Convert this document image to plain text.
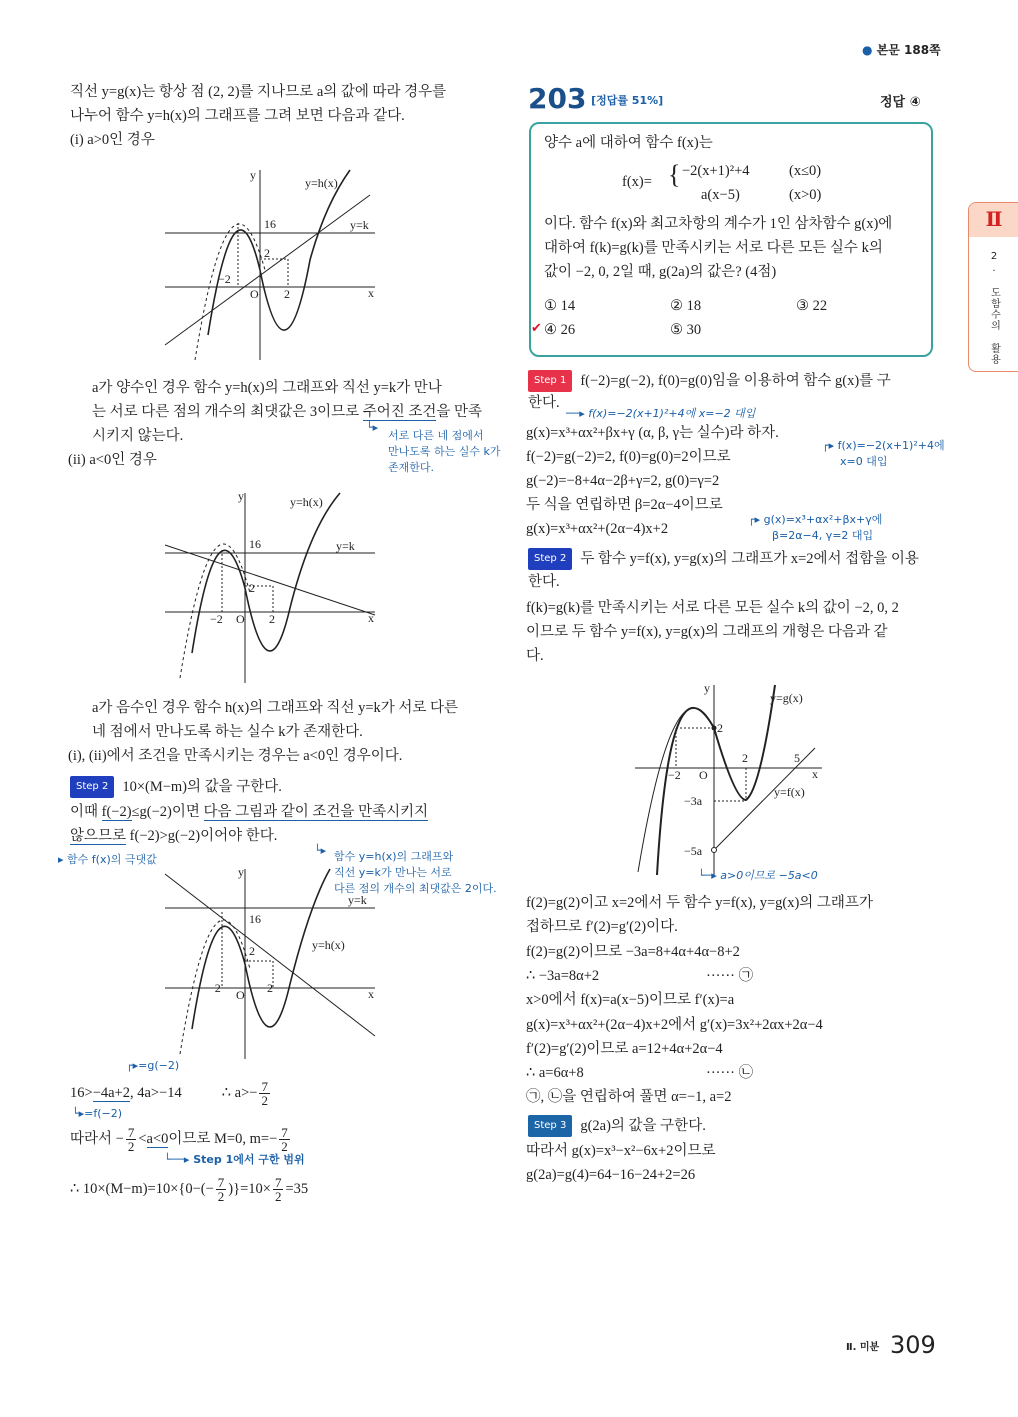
● 본문 188쪽
직선 y=g(x)는 항상 점 (2, 2)를 지나므로 a의 값에 따라 경우를
나누어 함수 y=h(x)의 그래프를 그려 보면 다음과 같다.
(i) a>0인 경우
y
x
O
y=h(x)
y=k
16
2
−2
2
a가 양수인 경우 함수 y=h(x)의 그래프와 직선 y=k가 만나
는 서로 다른 점의 개수의 최댓값은 3이므로 주어진 조건을 만족
시키지 않는다.
└▸
서로 다른 네 점에서
만나도록 하는 실수 k가
존재한다.
(ii) a<0인 경우
y
x
O
y=h(x)
y=k
16
2
−2	2
a가 음수인 경우 함수 h(x)의 그래프와 직선 y=k가 서로 다른
네 점에서 만나도록 하는 실수 k가 존재한다.
(i), (ii)에서 조건을 만족시키는 경우는 a<0인 경우이다.
Step 2 10×(M−m)의 값을 구한다.
이때 f(−2)≤g(−2)이면 다음 그림과 같이 조건을 만족시키지
않으므로 f(−2)>g(−2)이어야 한다.
▸ 함수 f(x)의 극댓값
└▸ 함수 y=h(x)의 그래프와
직선 y=k가 만나는 서로
다른 점의 개수의 최댓값은 2이다.
y
x
O
y=h(x)
y=k
16
2
−2	2
┌▸=g(−2)
16>−4a+2, 4a>−14	∴ $a>- \frac{7}{2}$
└▸=f(−2)
따라서 − $\frac{7}{2} <a<0$이므로 M=0, $m=- \frac{7}{2}$
└──▸ Step 1에서 구한 범위
∴ $10\times(M-m)=10\times\{0-(- \frac{7}{2} )\}=10\times \frac{7}{2} =35$
203 [정답률 51%]	정답 ④
양수 a에 대하여 함수 f(x)는
f(x)= { −2(x+1)²+4	(x≤0)
a(x−5)	(x>0)
이다. 함수 f(x)와 최고차항의 계수가 1인 삼차함수 g(x)에
대하여 f(k)=g(k)를 만족시키는 서로 다른 모든 실수 k의
값이 −2, 0, 2일 때, g(2a)의 값은? (4점)
① 14	② 18	③ 22
✔ ④ 26	⑤ 30
Step 1 f(−2)=g(−2), f(0)=g(0)임을 이용하여 함수 g(x)를 구
한다.
──▸ f(x)=−2(x+1)²+4에 x=−2 대입
g(x)=x³+αx²+βx+γ (α, β, γ는 실수)라 하자.
f(−2)=g(−2)=2, f(0)=g(0)=2이므로
┌▸ f(x)=−2(x+1)²+4에
x=0 대입
g(−2)=−8+4α−2β+γ=2, g(0)=γ=2
두 식을 연립하면 β=2α−4이므로
g(x)=x³+αx²+(2α−4)x+2
┌▸ g(x)=x³+αx²+βx+γ에
β=2α−4, γ=2 대입
Step 2 두 함수 y=f(x), y=g(x)의 그래프가 x=2에서 접함을 이용
한다.
f(k)=g(k)를 만족시키는 서로 다른 모든 실수 k의 값이 −2, 0, 2
이므로 두 함수 y=f(x), y=g(x)의 그래프의 개형은 다음과 같
다.
y
x
O
y=g(x)
y=f(x)
2
−2
2	5
−3a
−5a
└─▸ a>0이므로 −5a<0
f(2)=g(2)이고 x=2에서 두 함수 y=f(x), y=g(x)의 그래프가
접하므로 f′(2)=g′(2)이다.
f(2)=g(2)이므로 −3a=8+4α+4α−8+2
∴ −3a=8α+2	······ ㉠
x>0에서 f(x)=a(x−5)이므로 f′(x)=a
g(x)=x³+αx²+(2α−4)x+2에서 g′(x)=3x²+2αx+2α−4
f′(2)=g′(2)이므로 a=12+4α+2α−4
∴ a=6α+8	······ ㉡
㉠, ㉡을 연립하여 풀면 α=−1, a=2
Step 3 g(2a)의 값을 구한다.
따라서 g(x)=x³−x²−6x+2이므로
g(2a)=g(4)=64−16−24+2=26
Ⅱ
2. 도함수의 활용
Ⅱ. 미분 309
